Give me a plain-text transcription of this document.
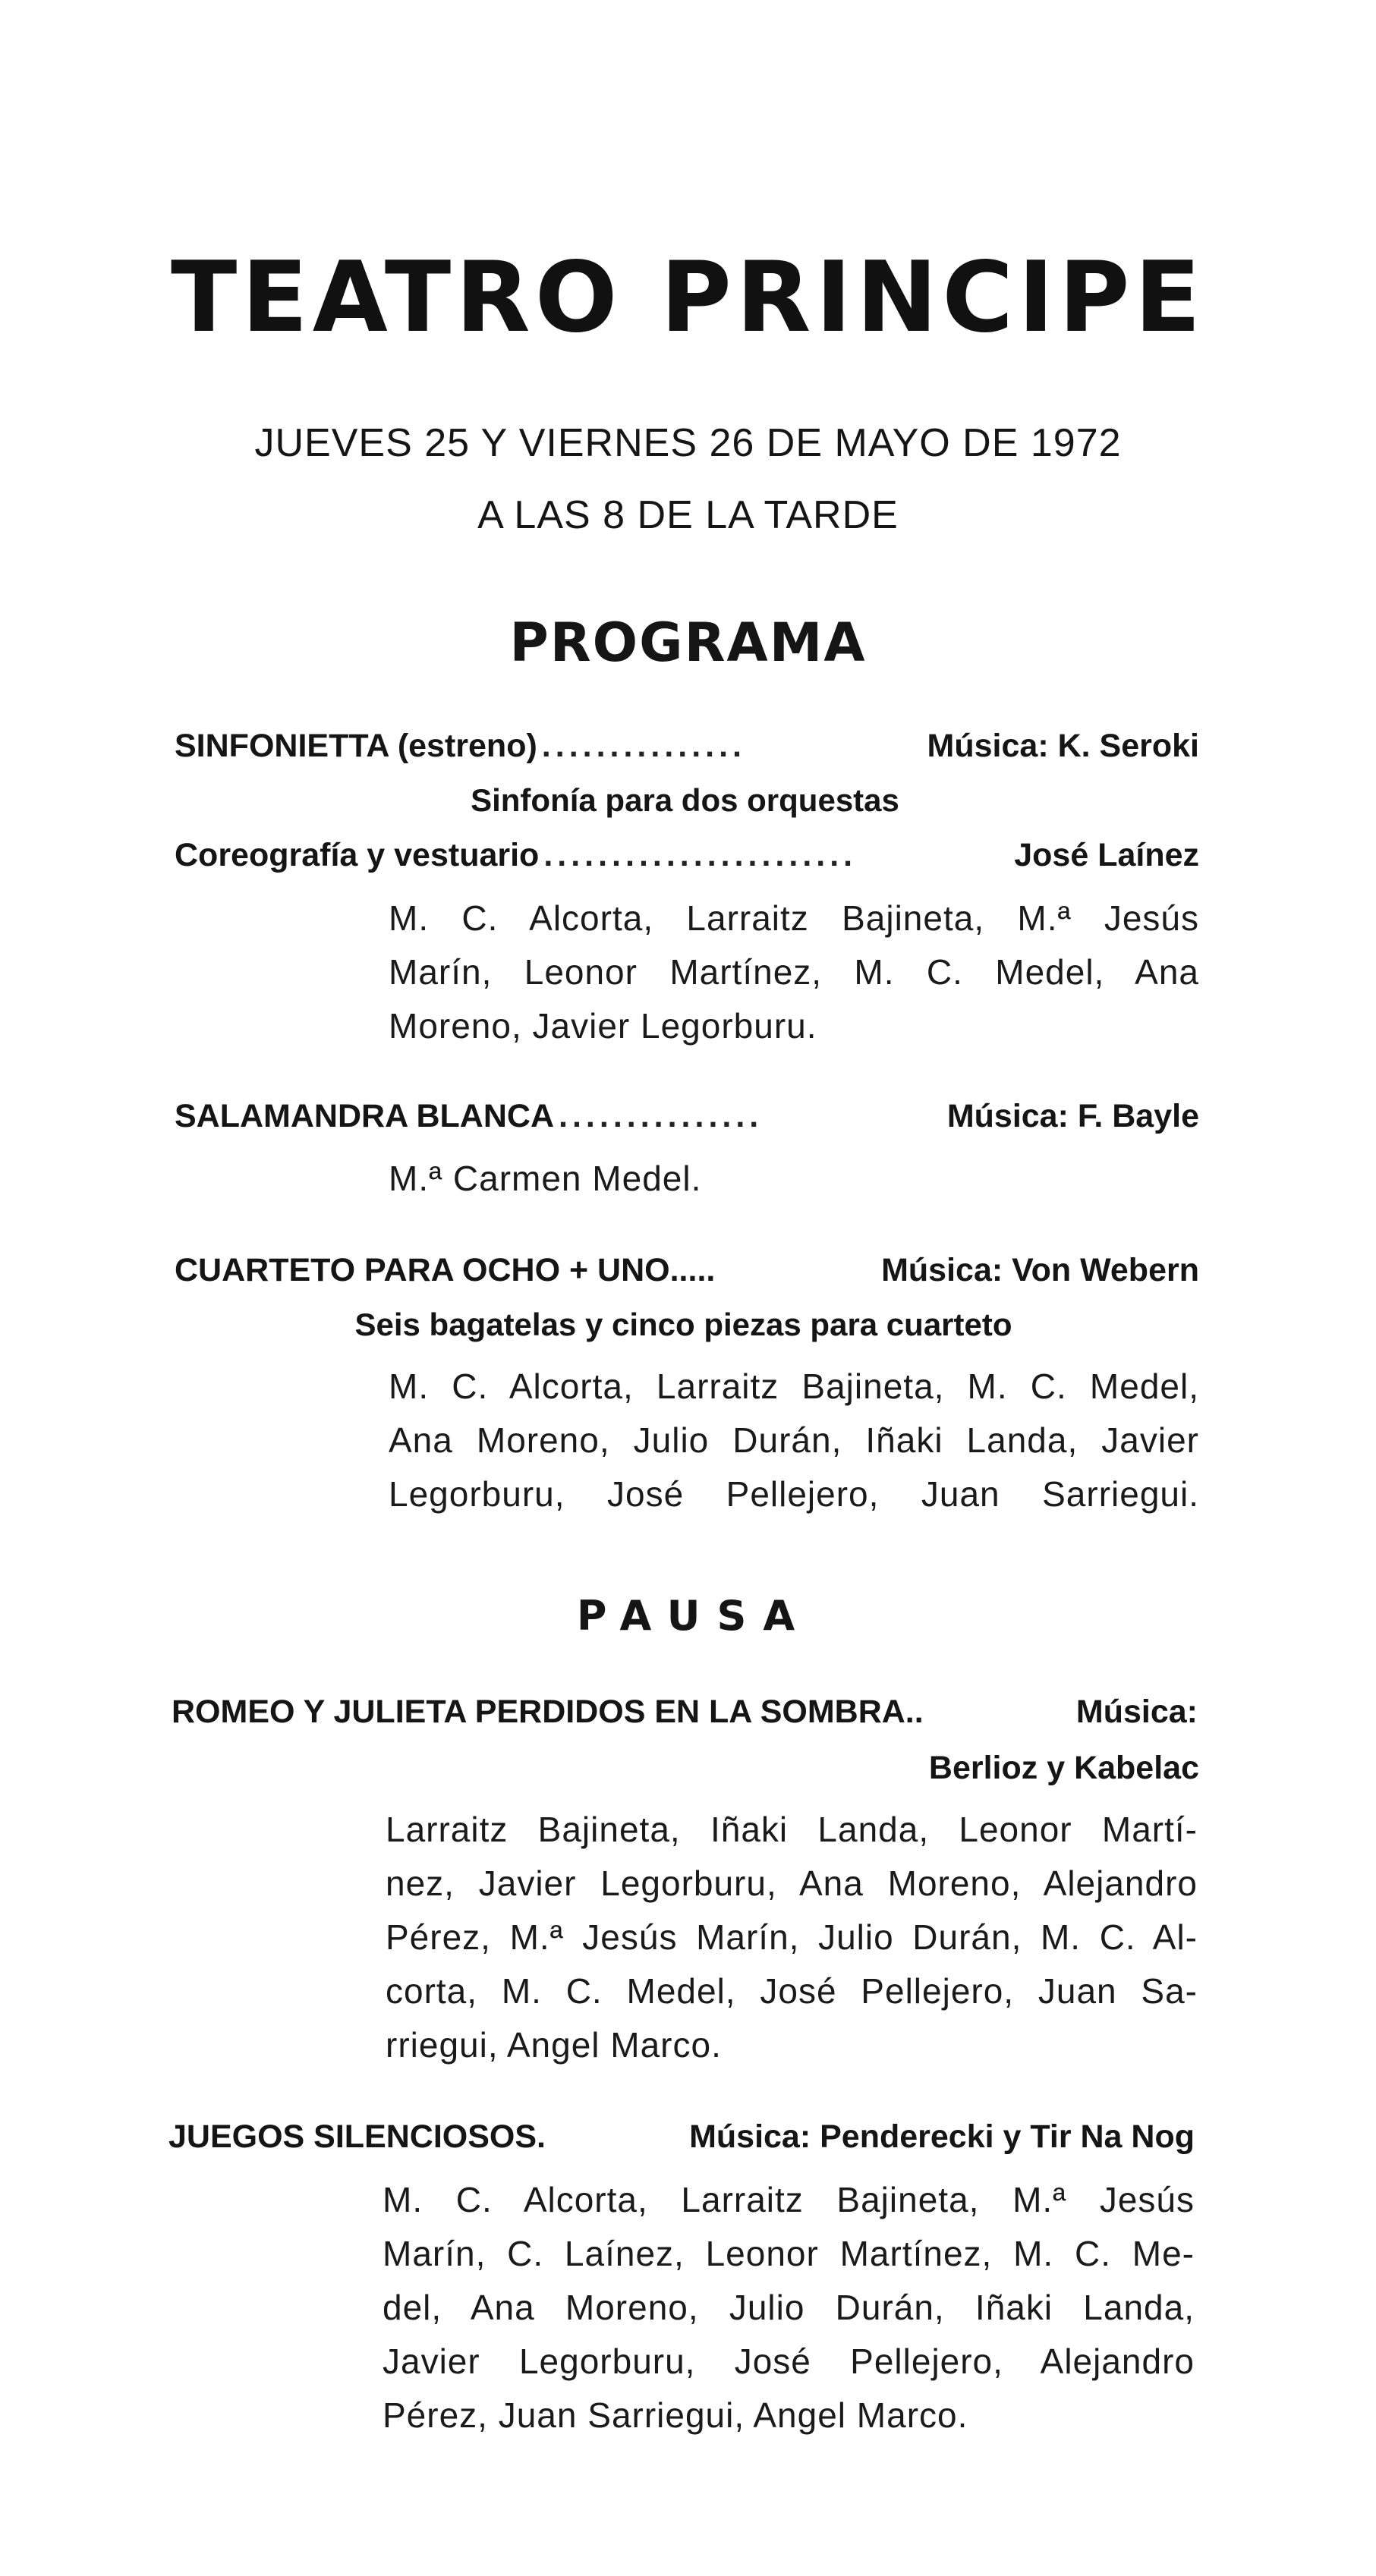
TEATRO PRINCIPE
JUEVES 25 Y VIERNES 26 DE MAYO DE 1972
A LAS 8 DE LA TARDE
PROGRAMA
SINFONIETTA (estreno) ...............	Música: K. Seroki
Sinfonía para dos orquestas
Coreografía y vestuario .......................	José Laínez
M. C. Alcorta, Larraitz Bajineta, M.ª Jesús
Marín, Leonor Martínez, M. C. Medel, Ana
Moreno, Javier Legorburu.
SALAMANDRA BLANCA ...............	Música: F. Bayle
M.ª Carmen Medel.
CUARTETO PARA OCHO + UNO.....	Música: Von Webern
Seis bagatelas y cinco piezas para cuarteto
M. C. Alcorta, Larraitz Bajineta, M. C. Medel,
Ana Moreno, Julio Durán, Iñaki Landa, Javier
Legorburu, José Pellejero, Juan Sarriegui.
PAUSA
ROMEO Y JULIETA PERDIDOS EN LA SOMBRA..	Música:
Berlioz y Kabelac
Larraitz Bajineta, Iñaki Landa, Leonor Martí-
nez, Javier Legorburu, Ana Moreno, Alejandro
Pérez, M.ª Jesús Marín, Julio Durán, M. C. Al-
corta, M. C. Medel, José Pellejero, Juan Sa-
rriegui, Angel Marco.
JUEGOS SILENCIOSOS.	Música: Penderecki y Tir Na Nog
M. C. Alcorta, Larraitz Bajineta, M.ª Jesús
Marín, C. Laínez, Leonor Martínez, M. C. Me-
del, Ana Moreno, Julio Durán, Iñaki Landa,
Javier Legorburu, José Pellejero, Alejandro
Pérez, Juan Sarriegui, Angel Marco.
